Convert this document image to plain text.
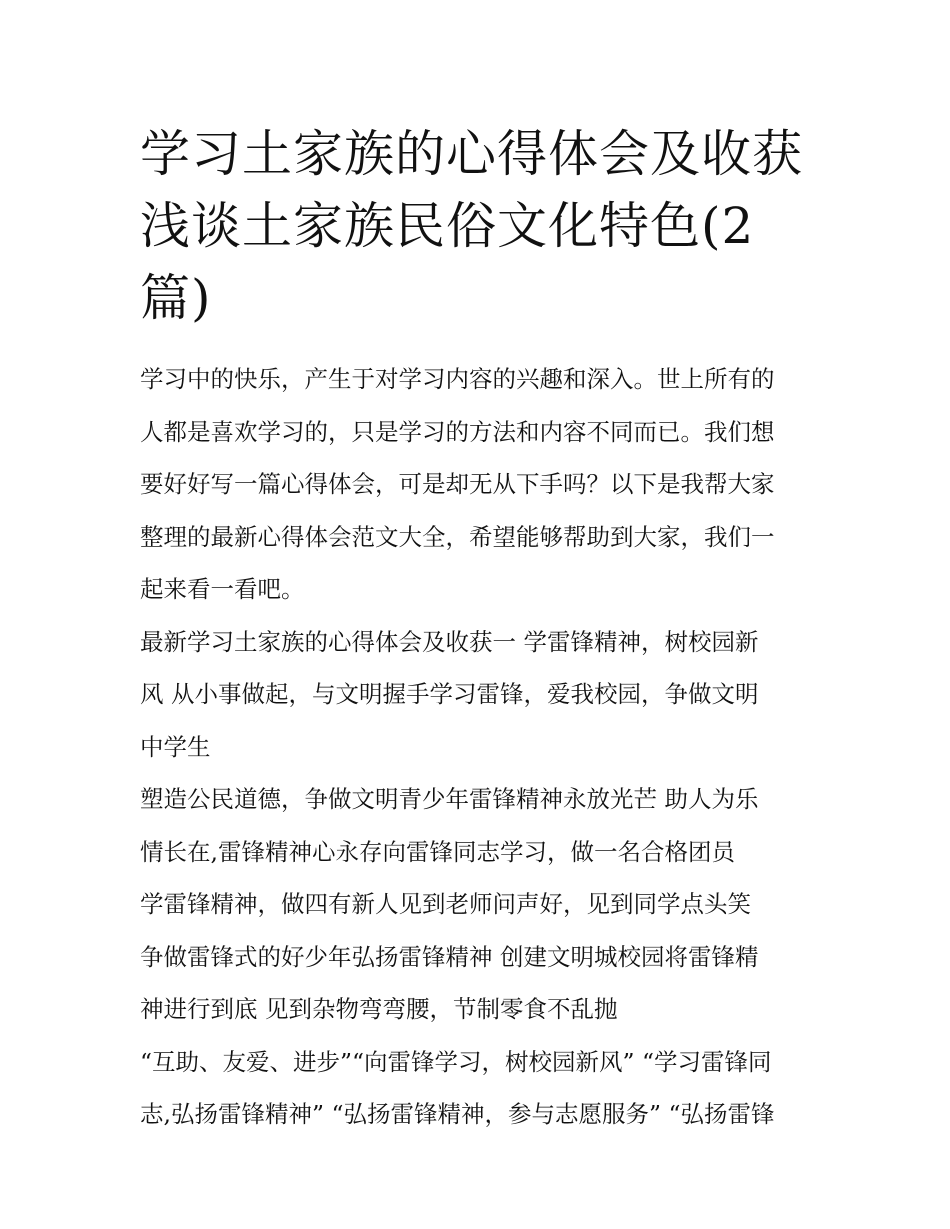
学习土家族的心得体会及收获浅谈土家族民俗文化特色(2篇)
学习中的快乐，产生于对学习内容的兴趣和深入。世上所有的
人都是喜欢学习的，只是学习的方法和内容不同而已。我们想
要好好写一篇心得体会，可是却无从下手吗？以下是我帮大家
整理的最新心得体会范文大全，希望能够帮助到大家，我们一
起来看一看吧。
最新学习土家族的心得体会及收获一 学雷锋精神，树校园新
风 从小事做起，与文明握手学习雷锋，爱我校园，争做文明
中学生
塑造公民道德，争做文明青少年雷锋精神永放光芒 助人为乐
情长在,雷锋精神心永存向雷锋同志学习，做一名合格团员
学雷锋精神，做四有新人见到老师问声好，见到同学点头笑
争做雷锋式的好少年弘扬雷锋精神 创建文明城校园将雷锋精
神进行到底 见到杂物弯弯腰，节制零食不乱抛
“互助、友爱、进步”“向雷锋学习，树校园新风” “学习雷锋同
志,弘扬雷锋精神” “弘扬雷锋精神，参与志愿服务” “弘扬雷锋
